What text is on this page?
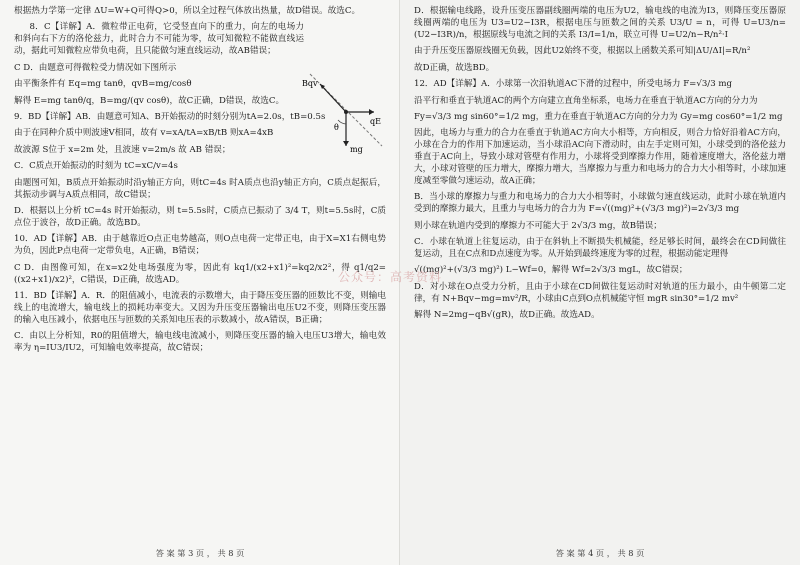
根据热力学第一定律 ΔU=W+Q可得Q>0，所以全过程气体放出热量，故D错误。故选C。

8．C【详解】A．微粒带正电荷，它受竖直向下的重力，向左的电场力和斜向右下方的洛伦兹力，此时合力不可能为零，故可知微粒不能做直线运动，据此可知微粒应带负电荷，且只能做匀速直线运动，故AB错误；

C D．由题意可得微粒受力情况如下图所示

由平衡条件有 Eq=mg tanθ，qvB=mg/cosθ

解得 E=mg tanθ/q，B=mg/(qv cosθ)，故C正确，D错误，故选C。

9．BD【详解】AB．由题意可知A、B开始振动的时刻分别为tA=2.0s，tB=0.5s

由于在同种介质中则波速V相同，故有 v=xA/tA=xB/tB 则xA=4xB

故波源 S位于 x=2m 处，且波速 v=2m/s 故 AB 错误；

C．C质点开始振动的时刻为 tC=xC/v=4s

由题图可知，B质点开始振动时沿y轴正方向，则tC=4s 时A质点也沿y轴正方向，C质点起振后，其振动步调与A质点相同，故C错误；

D．根据以上分析 tC=4s 时开始振动，则 t=5.5s时，C质点已振动了 3/4 T，则t=5.5s时，C质点位于波谷，故D正确。故选BD。

10．AD【详解】AB．由于越靠近O点正电势越高，则O点电荷一定带正电，由于X=X1右侧电势为负，因此P点电荷一定带负电，A正确，B错误；

C D．由图像可知，在x=x2处电场强度为零，因此有 kq1/(x2+x1)²=kq2/x2²，得 q1/q2=((x2+x1)/x2)²，C错误，D正确，故选AD。

11．BD【详解】A．R．的阻值减小，电流表的示数增大，由于降压变压器的匝数比不变，则输电线上的电流增大，输电线上的损耗功率变大。又因为升压变压器输出电压U2不变，则降压变压器的输入电压减小，依据电压与匝数的关系知电压表的示数减小，故A错误，B正确；

C．由以上分析知，R0的阻值增大，输电线电流减小，则降压变压器的输入电压U3增大，输电效率为 η=IU3/IU2，可知输电效率提高，故C错误；

Bqv
qE
mg
θ
答 案 第 3 页 ， 共 8 页

D．根据输电线路，设升压变压器副线圈两端的电压为U2，输电线的电流为I3，则降压变压器原线圈两端的电压为 U3=U2−I3R，根据电压与匝数之间的关系 U3/U = n，可得 U=U3/n=(U2−I3R)/n，根据原线与电流之间的关系 I3/I=1/n，联立可得 U=U2/n−R/n²·I

由于升压变压器原线圈无负载，因此U2始终不变，根据以上函数关系可知|ΔU/ΔI|=R/n²

故D正确，故选BD。

12．AD【详解】A．小球第一次沿轨道AC下滑的过程中，所受电场力 F=√3/3 mg

沿平行和垂直于轨道AC的两个方向建立直角坐标系，电场力在垂直于轨道AC方向的分力为

Fy=√3/3 mg sin60°=1/2 mg，重力在垂直于轨道AC方向的分力为 Gy=mg cos60°=1/2 mg

因此，电场力与重力的合力在垂直于轨道AC方向大小相等，方向相反，则合力恰好沿着AC方向，小球在合力的作用下加速运动，当小球沿AC向下滑动时，由左手定则可知，小球受到的洛伦兹力垂直于AC向上，导致小球对管壁有作用力，小球将受到摩擦力作用，随着速度增大，洛伦兹力增大，小球对管壁的压力增大，摩擦力增大，当摩擦力与重力和电场力的合力大小相等时，小球加速度减至零做匀速运动，故A正确；

B．当小球的摩擦力与重力和电场力的合力大小相等时，小球做匀速直线运动，此时小球在轨道内受到的摩擦力最大，且重力与电场力的合力为 F=√((mg)²+(√3/3 mg)²)=2√3/3 mg

则小球在轨道内受到的摩擦力不可能大于 2√3/3 mg，故B错误；

C．小球在轨道上往复运动，由于在斜轨上不断损失机械能，经足够长时间，最终会在CD间做往复运动，且在C点和D点速度为零。从开始到最终速度为零的过程，根据动能定理得

√((mg)²+(√3/3 mg)²) L−Wf=0，解得 Wf=2√3/3 mgL，故C错误；

D．对小球在O点受力分析，且由于小球在CD间做往复运动时对轨道的压力最小，由牛顿第二定律，有 N+Bqv−mg=mv²/R，小球由C点到O点机械能守恒 mgR sin30°=1/2 mv²

解得 N=2mg−qB√(gR)，故D正确。故选AD。

答 案 第 4 页 ， 共 8 页
公众号：高考资料
